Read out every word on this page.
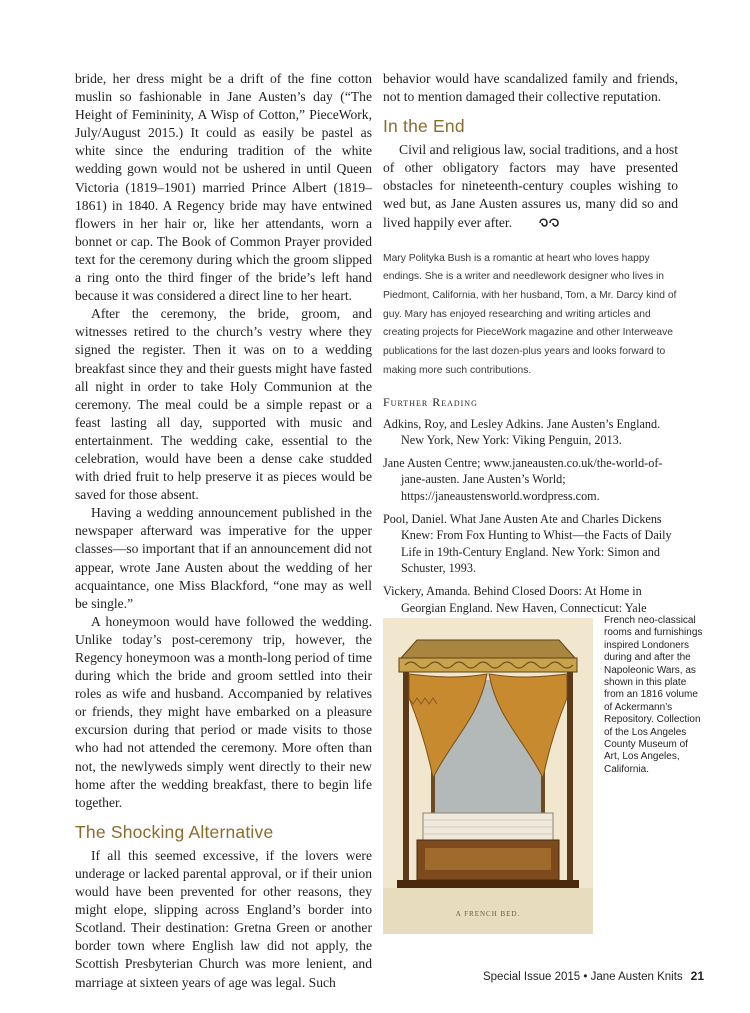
bride, her dress might be a drift of the fine cotton muslin so fashionable in Jane Austen’s day (“The Height of Femininity, A Wisp of Cotton,” PieceWork, July/August 2015.) It could as easily be pastel as white since the enduring tradition of the white wedding gown would not be ushered in until Queen Victoria (1819–1901) married Prince Albert (1819–1861) in 1840. A Regency bride may have entwined flowers in her hair or, like her attendants, worn a bonnet or cap. The Book of Common Prayer provided text for the ceremony during which the groom slipped a ring onto the third finger of the bride’s left hand because it was considered a direct line to her heart.

After the ceremony, the bride, groom, and witnesses retired to the church’s vestry where they signed the register. Then it was on to a wedding breakfast since they and their guests might have fasted all night in order to take Holy Communion at the ceremony. The meal could be a simple repast or a feast lasting all day, supported with music and entertainment. The wedding cake, essential to the celebration, would have been a dense cake studded with dried fruit to help preserve it as pieces would be saved for those absent.

Having a wedding announcement published in the newspaper afterward was imperative for the upper classes—so important that if an announcement did not appear, wrote Jane Austen about the wedding of her acquaintance, one Miss Blackford, “one may as well be single.”

A honeymoon would have followed the wedding. Unlike today’s post-ceremony trip, however, the Regency honeymoon was a month-long period of time during which the bride and groom settled into their roles as wife and husband. Accompanied by relatives or friends, they might have embarked on a pleasure excursion during that period or made visits to those who had not attended the ceremony. More often than not, the newlyweds simply went directly to their new home after the wedding breakfast, there to begin life together.

The Shocking Alternative

If all this seemed excessive, if the lovers were underage or lacked parental approval, or if their union would have been prevented for other reasons, they might elope, slipping across England’s border into Scotland. Their destination: Gretna Green or another border town where English law did not apply, the Scottish Presbyterian Church was more lenient, and marriage at sixteen years of age was legal. Such

behavior would have scandalized family and friends, not to mention damaged their collective reputation.

In the End

Civil and religious law, social traditions, and a host of other obligatory factors may have presented obstacles for nineteenth-century couples wishing to wed but, as Jane Austen assures us, many did so and lived happily ever after.

Mary Polityka Bush is a romantic at heart who loves happy endings. She is a writer and needlework designer who lives in Piedmont, California, with her husband, Tom, a Mr. Darcy kind of guy. Mary has enjoyed researching and writing articles and creating projects for PieceWork magazine and other Interweave publications for the last dozen-plus years and looks forward to making more such contributions.

Further Reading

Adkins, Roy, and Lesley Adkins. Jane Austen’s England. New York, New York: Viking Penguin, 2013.

Jane Austen Centre; www.janeausten.co.uk/the-world-of-jane-austen. Jane Austen’s World; https://janeaustensworld.wordpress.com.

Pool, Daniel. What Jane Austen Ate and Charles Dickens Knew: From Fox Hunting to Whist—the Facts of Daily Life in 19th-Century England. New York: Simon and Schuster, 1993.

Vickery, Amanda. Behind Closed Doors: At Home in Georgian England. New Haven, Connecticut: Yale

A FRENCH BED.
French neo-classical rooms and furnishings inspired Londoners during and after the Napoleonic Wars, as shown in this plate from an 1816 volume of Ackermann’s Repository. Collection of the Los Angeles County Museum of Art, Los Angeles, California.
Special Issue 2015 • Jane Austen Knits 21
